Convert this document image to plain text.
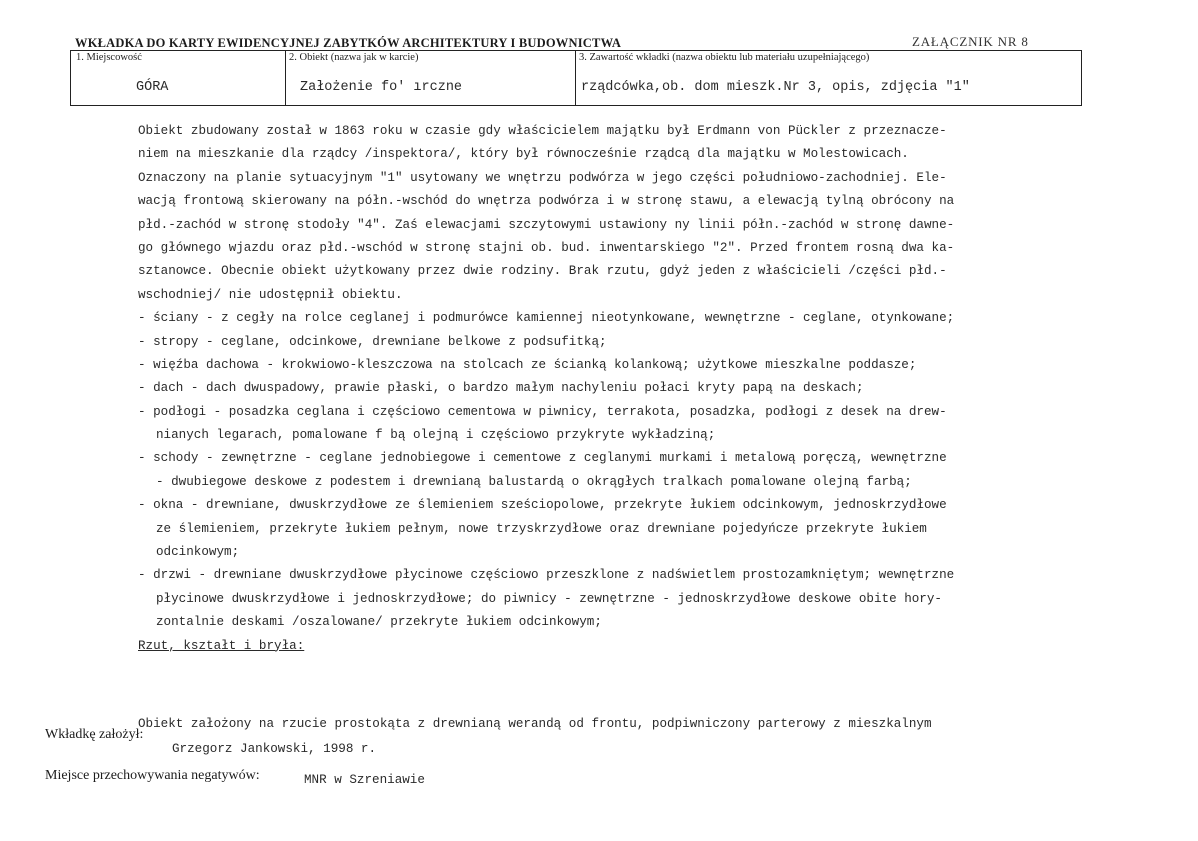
WKŁADKA DO KARTY EWIDENCYJNEJ ZABYTKÓW ARCHITEKTURY I BUDOWNICTWA	ZAŁĄCZNIK NR 8
1. Miejscowość
GÓRA
2. Obiekt (nazwa jak w karcie)
Założenie fo' ırczne
3. Zawartość wkładki (nazwa obiektu lub materiału uzupełniającego)
rządcówka,ob. dom mieszk.Nr 3, opis, zdjęcia "1"
Obiekt zbudowany został w 1863 roku w czasie gdy właścicielem majątku był Erdmann von Pückler z przeznacze-
niem na mieszkanie dla rządcy /inspektora/, który był równocześnie rządcą dla majątku w Molestowicach.
Oznaczony na planie sytuacyjnym "1" usytowany we wnętrzu podwórza w jego części południowo-zachodniej. Ele-
wacją frontową skierowany na półn.-wschód do wnętrza podwórza i w stronę stawu, a elewacją tylną obrócony na
płd.-zachód w stronę stodoły "4". Zaś elewacjami szczytowymi ustawiony ny linii półn.-zachód w stronę dawne-
go głównego wjazdu oraz płd.-wschód w stronę stajni ob. bud. inwentarskiego "2". Przed frontem rosną dwa ka-
sztanowce. Obecnie obiekt użytkowany przez dwie rodziny. Brak rzutu, gdyż jeden z właścicieli /części płd.-
wschodniej/ nie udostępnił obiektu.
- ściany - z cegły na rolce ceglanej i podmurówce kamiennej nieotynkowane, wewnętrzne - ceglane, otynkowane;
- stropy - ceglane, odcinkowe, drewniane belkowe z podsufitką;
- więźba dachowa - krokwiowo-kleszczowa na stolcach ze ścianką kolankową; użytkowe mieszkalne poddasze;
- dach - dach dwuspadowy, prawie płaski, o bardzo małym nachyleniu połaci kryty papą na deskach;
- podłogi - posadzka ceglana i częściowo cementowa w piwnicy, terrakota, posadzka, podłogi z desek na drew-
nianych legarach, pomalowane f bą olejną i częściowo przykryte wykładziną;
- schody - zewnętrzne - ceglane jednobiegowe i cementowe z ceglanymi murkami i metalową poręczą, wewnętrzne
- dwubiegowe deskowe z podestem i drewnianą balustardą o okrągłych tralkach pomalowane olejną farbą;
- okna - drewniane, dwuskrzydłowe ze ślemieniem sześciopolowe, przekryte łukiem odcinkowym, jednoskrzydłowe
ze ślemieniem, przekryte łukiem pełnym, nowe trzyskrzydłowe oraz drewniane pojedyńcze przekryte łukiem
odcinkowym;
- drzwi - drewniane dwuskrzydłowe płycinowe częściowo przeszklone z nadświetlem prostozamkniętym; wewnętrzne
płycinowe dwuskrzydłowe i jednoskrzydłowe; do piwnicy - zewnętrzne - jednoskrzydłowe deskowe obite hory-
zontalnie deskami /oszalowane/ przekryte łukiem odcinkowym;
Rzut, kształt i bryła:
Obiekt założony na rzucie prostokąta z drewnianą werandą od frontu, podpiwniczony parterowy z mieszkalnym
Wkładkę założył:
Grzegorz Jankowski, 1998 r.
Miejsce przechowywania negatywów:	MNR w Szreniawie
